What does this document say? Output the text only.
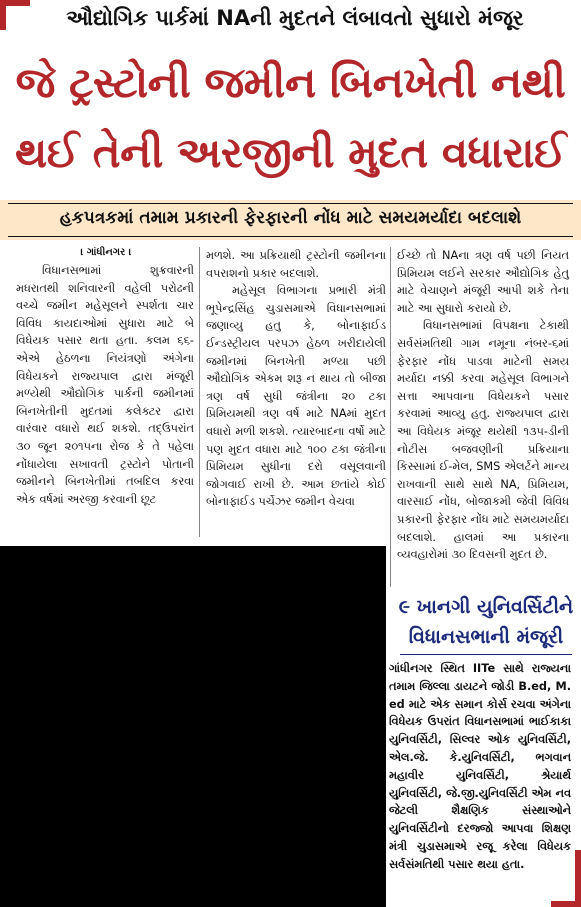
ઔદ્યોગિક પાર્કમાં NAની મુદતને લંબાવતો સુધારો મંજૂર
જે ટ્રસ્ટોની જમીન બિનખેતી નથી
થઈ તેની અરજીની મુદત વધારાઈ
હકપત્રકમાં તમામ પ્રકારની ફેરફારની નોંધ માટે સમયમર્યાદા બદલાશે

। ગાંધીનગર ।

વિધાનસભામાં શુક્રવારની મધરાતથી શનિવારની વહેલી પરોઢની વચ્ચે જમીન મહેસૂલને સ્પર્શતા ચાર વિવિધ કાયદાઓમાં સુધારા માટે બે વિધેયક પસાર થતા હતા. કલમ ૬૬-એએ હેઠળના નિયંત્રણો અંગેના વિધેયકને રાજ્યપાલ દ્વારા મંજૂરી મળ્યેથી ઔદ્યોગિક પાર્કની જમીનમાં બિનખેતીની મુદતમાં કલેક્ટર દ્વારા વારંવાર વધારો થઈ શકશે. તદ્ઉપરાંત ૩૦ જૂન ૨૦૧૫ના રોજ કે તે પહેલા નોંધાયેલા સખાવતી ટ્રસ્ટોને પોતાની જમીનને બિનખેતીમાં તબદિલ કરવા એક વર્ષમાં અરજી કરવાની છૂટ

મળશે. આ પ્રક્રિયાથી ટ્રસ્ટોની જમીનના વપરાશનો પ્રકાર બદલાશે.

મહેસૂલ વિભાગના પ્રભારી મંત્રી ભૂપેન્દ્રસિંહ ચુડાસમાએ વિધાનસભામાં જણાવ્યુ હતુ કે, બોનાફાઈડ ઈન્ડસ્ટ્રીયલ પરપઝ હેઠળ ખરીદાયેલી જમીનમાં બિનખેતી મળ્યા પછી ઔદ્યોગિક એકમ શરૂ ન થાય તો બીજા ત્રણ વર્ષ સુધી જંત્રીના ૨૦ ટકા પ્રિમિયમથી ત્રણ વર્ષ માટે NAમાં મુદત વધારો મળી શકશે. ત્યારબાદના વર્ષો માટે પણ મુદત વધારા માટે ૧૦૦ ટકા જંત્રીના પ્રિમિયમ સુધીના દરો વસૂલવાની જોગવાઈ રાખી છે. આમ છતાંયે કોઈ બોનાફાઈડ પર્ચેઝર જમીન વેચવા

ઈચ્છે તો NAના ત્રણ વર્ષ પછી નિયત પ્રિમિયમ લઈને સરકાર ઔદ્યોગિક હેતુ માટે વેચાણને મંજૂરી આપી શકે તેના માટે આ સુધારો કરાયો છે.

વિધાનસભામાં વિપક્ષના ટેકાથી સર્વસંમતિથી ગામ નમૂના નંબર-૬માં ફેરફાર નોંધ પાડવા માટેની સમય મર્યાદા નક્કી કરવા મહેસૂલ વિભાગને સત્તા આપવાના વિધેયકને પસાર કરવામાં આવ્યુ હતુ. રાજ્યપાલ દ્વારા આ વિધેયક મંજૂર થયેથી ૧૩૫-ડીની નોટીસ બજવણીની પ્રક્રિયાના કિસ્સામાં ઈ-મેલ, SMS એલર્ટને માન્ય રાખવાની સાથે સાથે NA, પ્રિમિયમ, વારસાઈ નોંધ, બોજાકમી જેવી વિવિધ પ્રકારની ફેરફાર નોંધ માટે સમયમર્યાદા બદલાશે. હાલમાં આ પ્રકારના વ્યવહારોમાં ૩૦ દિવસની મુદત છે.

૯ ખાનગી યુનિવર્સિટીને
વિધાનસભાની મંજૂરી
ગાંધીનગર સ્થિત IITe સાથે રાજ્યના તમામ જિલ્લા ડાયટને જોડી B.ed, M. ed માટે એક સમાન કોર્સ રચવા અંગેના વિધેયક ઉપરાંત વિધાનસભામાં ભાઈકાકા યુનિવર્સિટી, સિલ્વર ઓક યુનિવર્સિટી, એલ.જે. કે.યુનિવર્સિટી, ભગવાન મહાવીર યુનિવર્સિટી, શ્રેયાર્થ યુનિવર્સિટી, જે.જી.યુનિવર્સિટી એમ નવ જેટલી શૈક્ષણિક સંસ્થાઓને યુનિવર્સિટીનો દરજ્જો આપવા શિક્ષણ મંત્રી ચુડાસમાએ રજૂ કરેલા વિધેયક સર્વસંમતિથી પસાર થયા હતા.
